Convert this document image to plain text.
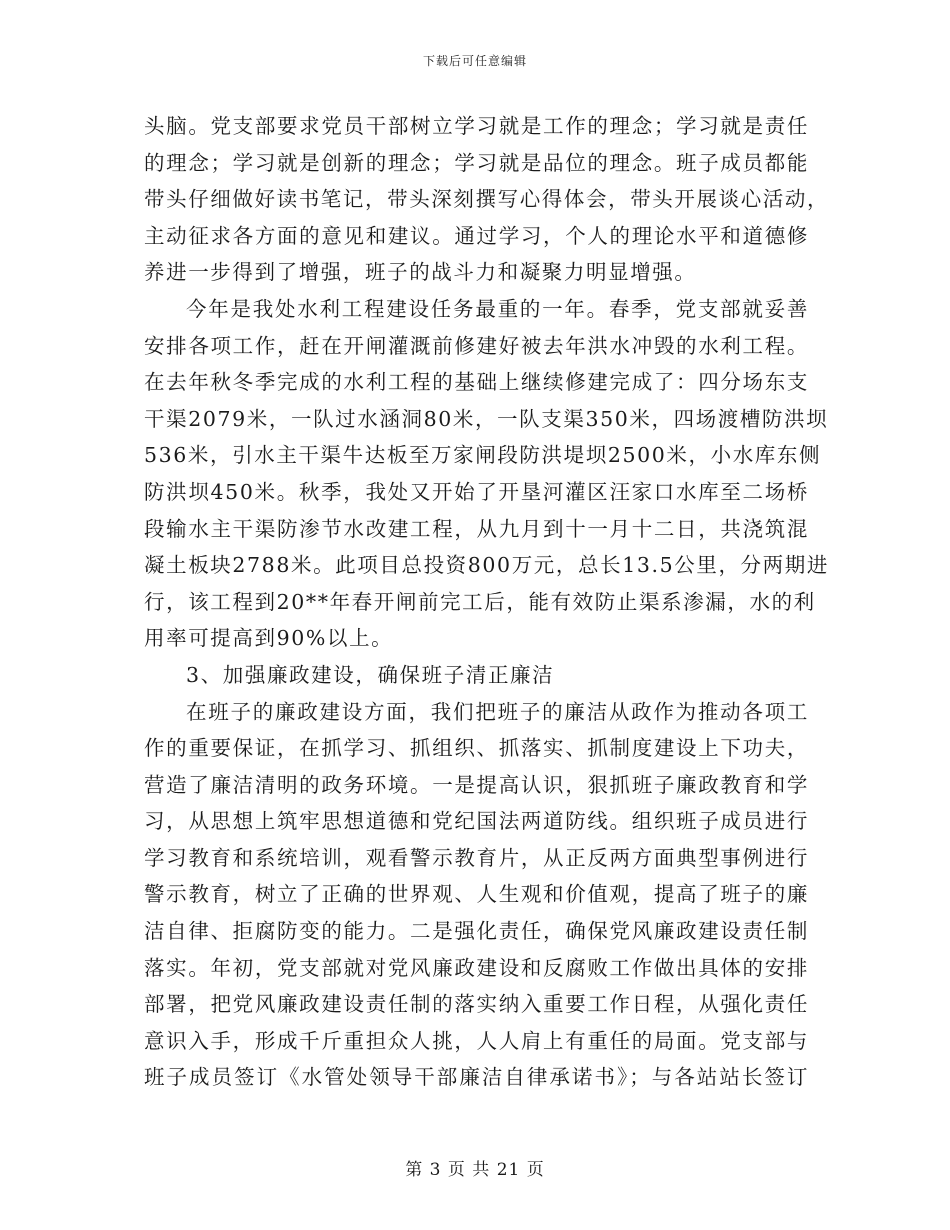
下载后可任意编辑
头脑。党支部要求党员干部树立学习就是工作的理念；学习就是责任
的理念；学习就是创新的理念；学习就是品位的理念。班子成员都能
带头仔细做好读书笔记，带头深刻撰写心得体会，带头开展谈心活动，
主动征求各方面的意见和建议。通过学习，个人的理论水平和道德修
养进一步得到了增强，班子的战斗力和凝聚力明显增强。
今年是我处水利工程建设任务最重的一年。春季，党支部就妥善
安排各项工作，赶在开闸灌溉前修建好被去年洪水冲毁的水利工程。
在去年秋冬季完成的水利工程的基础上继续修建完成了：四分场东支
干渠2079米，一队过水涵洞80米，一队支渠350米，四场渡槽防洪坝
536米，引水主干渠牛达板至万家闸段防洪堤坝2500米，小水库东侧
防洪坝450米。秋季，我处又开始了开垦河灌区汪家口水库至二场桥
段输水主干渠防渗节水改建工程，从九月到十一月十二日，共浇筑混
凝土板块2788米。此项目总投资800万元，总长13.5公里，分两期进
行，该工程到20**年春开闸前完工后，能有效防止渠系渗漏，水的利
用率可提高到90%以上。
3、加强廉政建设，确保班子清正廉洁
在班子的廉政建设方面，我们把班子的廉洁从政作为推动各项工
作的重要保证，在抓学习、抓组织、抓落实、抓制度建设上下功夫，
营造了廉洁清明的政务环境。一是提高认识，狠抓班子廉政教育和学
习，从思想上筑牢思想道德和党纪国法两道防线。组织班子成员进行
学习教育和系统培训，观看警示教育片，从正反两方面典型事例进行
警示教育，树立了正确的世界观、人生观和价值观，提高了班子的廉
洁自律、拒腐防变的能力。二是强化责任，确保党风廉政建设责任制
落实。年初，党支部就对党风廉政建设和反腐败工作做出具体的安排
部署，把党风廉政建设责任制的落实纳入重要工作日程，从强化责任
意识入手，形成千斤重担众人挑，人人肩上有重任的局面。党支部与
班子成员签订《水管处领导干部廉洁自律承诺书》；与各站站长签订
第 3 页 共 21 页
